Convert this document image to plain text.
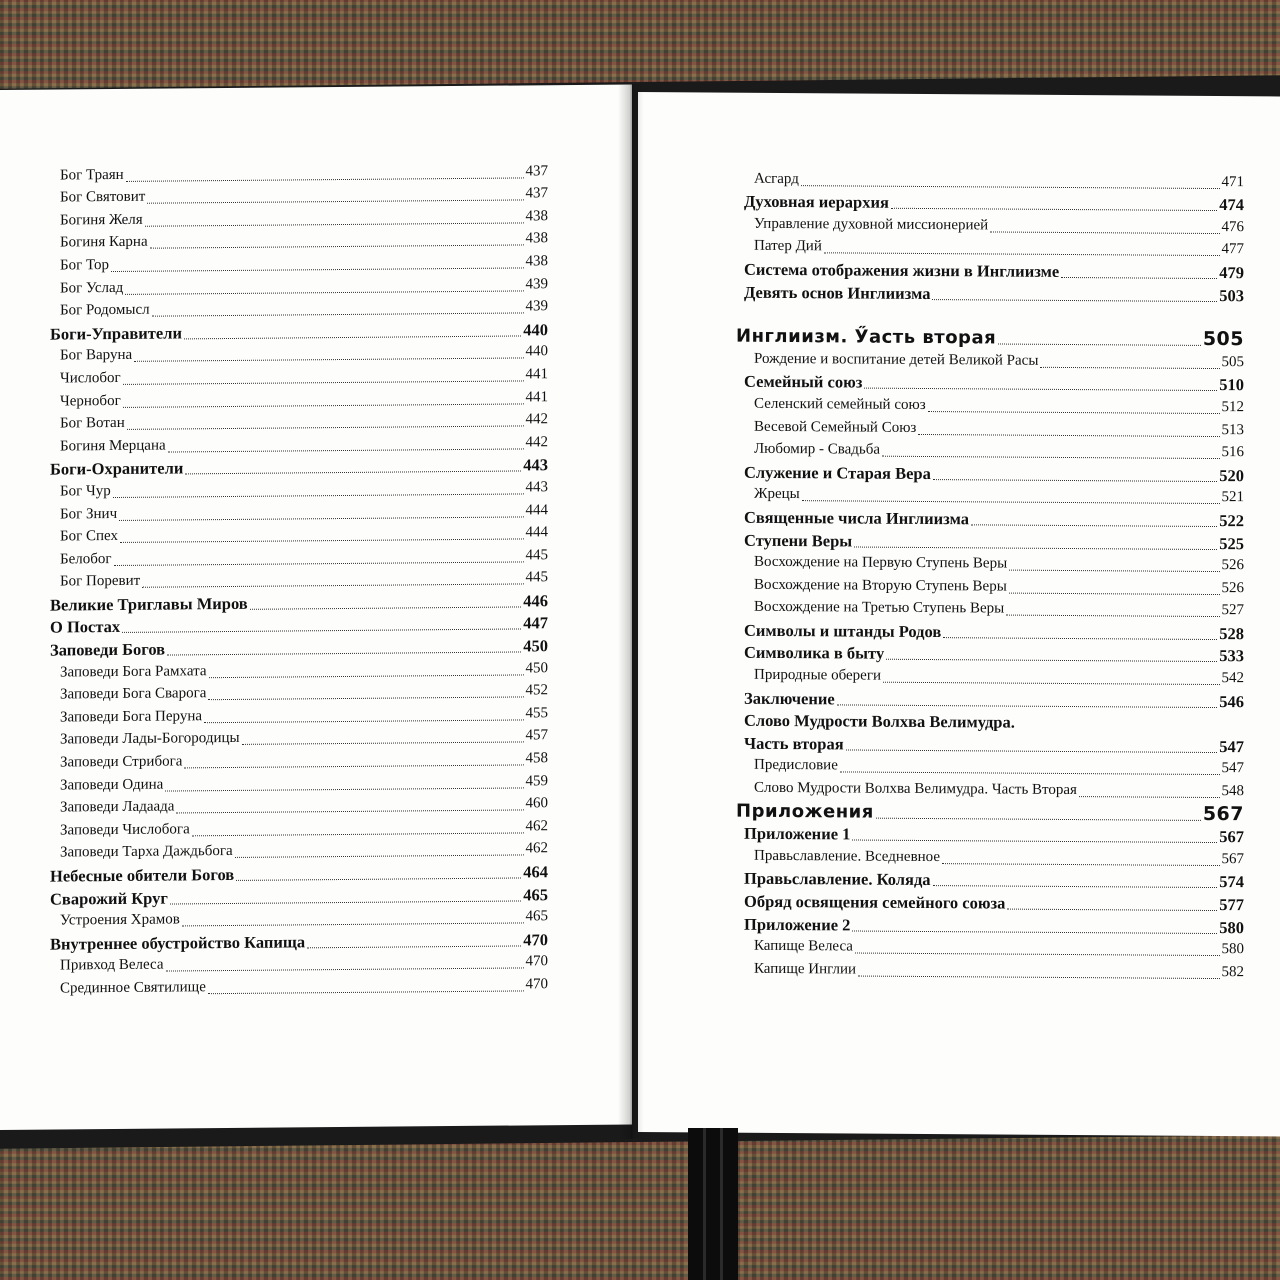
Бог Траян	437
Бог Святовит	437
Богиня Желя	438
Богиня Карна	438
Бог Тор	438
Бог Услад	439
Бог Родомысл	439
Боги-Управители	440
Бог Варуна	440
Числобог	441
Чернобог	441
Бог Вотан	442
Богиня Мерцана	442
Боги-Охранители	443
Бог Чур	443
Бог Знич	444
Бог Спех	444
Белобог	445
Бог Поревит	445
Великие Триглавы Миров	446
О Постах	447
Заповеди Богов	450
Заповеди Бога Рамхата	450
Заповеди Бога Сварога	452
Заповеди Бога Перуна	455
Заповеди Лады-Богородицы	457
Заповеди Стрибога	458
Заповеди Одина	459
Заповеди Ладаада	460
Заповеди Числобога	462
Заповеди Тарха Даждьбога	462
Небесные обители Богов	464
Сварожий Круг	465
Устроения Храмов	465
Внутреннее обустройство Капища	470
Привход Велеса	470
Срединное Святилище	470
Асгард	471
Духовная иерархия	474
Управление духовной миссионерией	476
Патер Дий	477
Система отображения жизни в Инглиизме	479
Девять основ Инглиизма	503
Инглиизм. Ӳасть вторая	505
Рождение и воспитание детей Великой Расы	505
Семейный союз	510
Селенский семейный союз	512
Весевой Семейный Союз	513
Любомир - Свадьба	516
Служение и Старая Вера	520
Жрецы	521
Священные числа Инглиизма	522
Ступени Веры	525
Восхождение на Первую Ступень Веры	526
Восхождение на Вторую Ступень Веры	526
Восхождение на Третью Ступень Веры	527
Символы и штанды Родов	528
Символика в быту	533
Природные обереги	542
Заключение	546
Слово Мудрости Волхва Велимудра.
Часть вторая	547
Предисловие	547
Слово Мудрости Волхва Велимудра. Часть Вторая	548
Приложения	567
Приложение 1	567
Правьславление. Вседневное	567
Правьславление. Коляда	574
Обряд освящения семейного союза	577
Приложение 2	580
Капище Велеса	580
Капище Инглии	582
